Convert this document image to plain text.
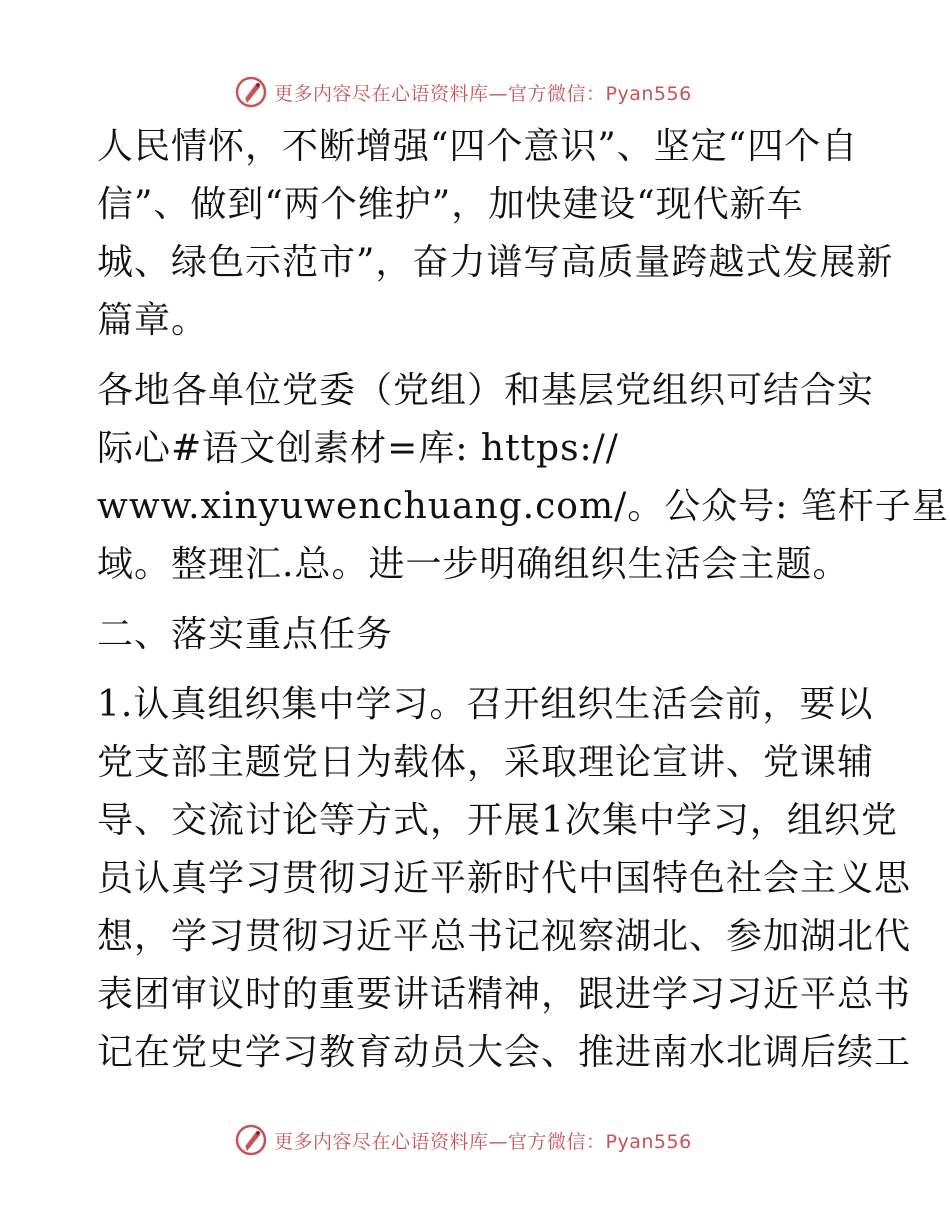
更多内容尽在心语资料库—官方微信：Pyan556
人民情怀，不断增强“四个意识”、坚定“四个自
信”、做到“两个维护”，加快建设“现代新车
城、绿色示范市”，奋力谱写高质量跨越式发展新
篇章。
各地各单位党委（党组）和基层党组织可结合实
际心#语文创素材=库: https://
www.xinyuwenchuang.com/。公众号: 笔杆子星
域。整理汇.总。进一步明确组织生活会主题。
二、落实重点任务
1.认真组织集中学习。召开组织生活会前，要以
党支部主题党日为载体，采取理论宣讲、党课辅
导、交流讨论等方式，开展1次集中学习，组织党
员认真学习贯彻习近平新时代中国特色社会主义思
想，学习贯彻习近平总书记视察湖北、参加湖北代
表团审议时的重要讲话精神，跟进学习习近平总书
记在党史学习教育动员大会、推进南水北调后续工
更多内容尽在心语资料库—官方微信：Pyan556
